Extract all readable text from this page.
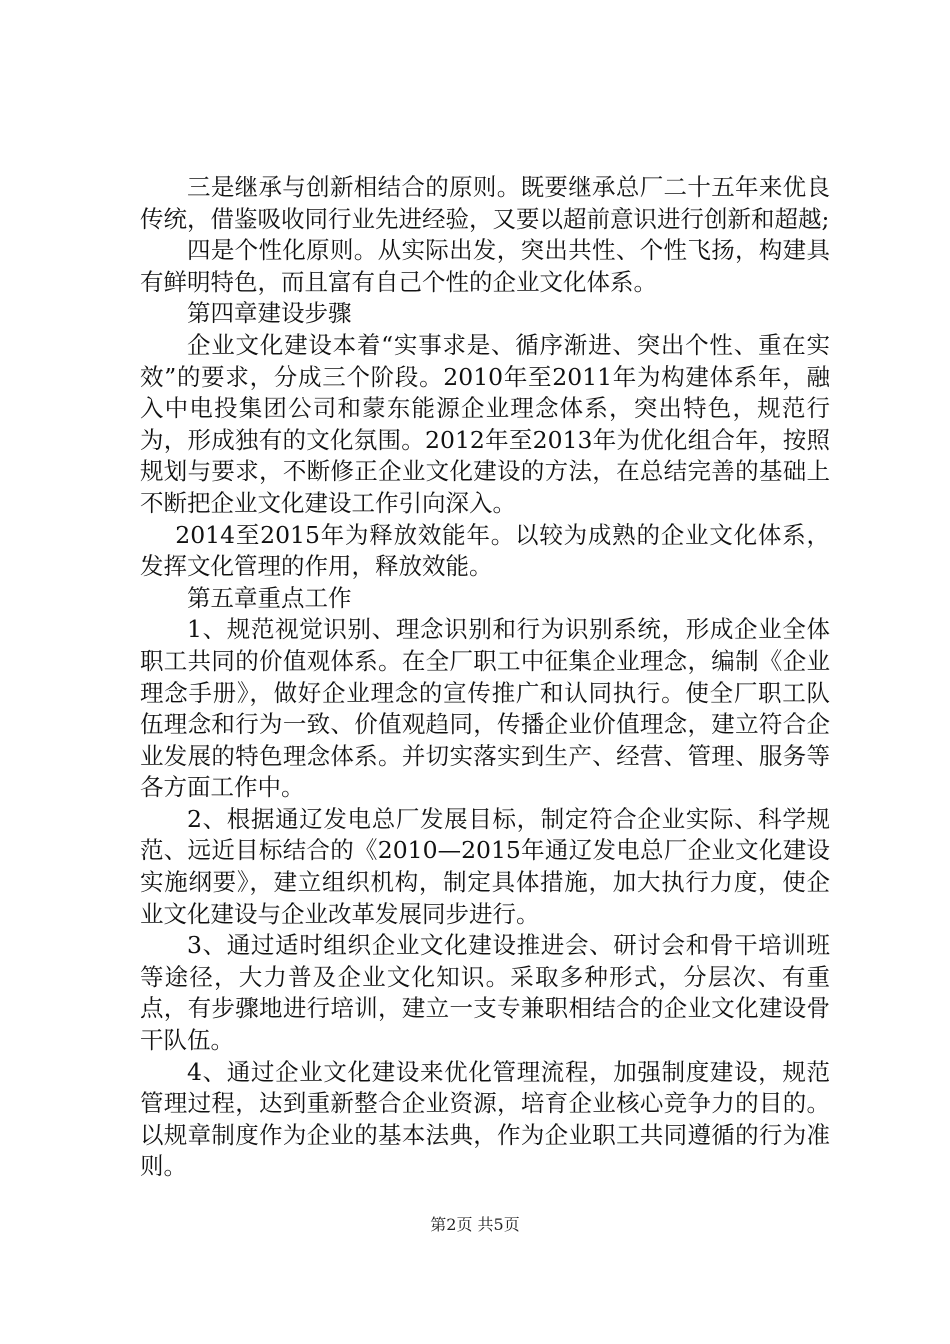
三是继承与创新相结合的原则。既要继承总厂二十五年来优良传统，借鉴吸收同行业先进经验，又要以超前意识进行创新和超越;

四是个性化原则。从实际出发，突出共性、个性飞扬，构建具有鲜明特色，而且富有自己个性的企业文化体系。

第四章建设步骤

企业文化建设本着“实事求是、循序渐进、突出个性、重在实效”的要求，分成三个阶段。2010年至2011年为构建体系年，融入中电投集团公司和蒙东能源企业理念体系，突出特色，规范行为，形成独有的文化氛围。2012年至2013年为优化组合年，按照规划与要求，不断修正企业文化建设的方法，在总结完善的基础上不断把企业文化建设工作引向深入。

2014至2015年为释放效能年。以较为成熟的企业文化体系，发挥文化管理的作用，释放效能。

第五章重点工作

1、规范视觉识别、理念识别和行为识别系统，形成企业全体职工共同的价值观体系。在全厂职工中征集企业理念，编制《企业理念手册》，做好企业理念的宣传推广和认同执行。使全厂职工队伍理念和行为一致、价值观趋同，传播企业价值理念，建立符合企业发展的特色理念体系。并切实落实到生产、经营、管理、服务等各方面工作中。

2、根据通辽发电总厂发展目标，制定符合企业实际、科学规范、远近目标结合的《2010—2015年通辽发电总厂企业文化建设实施纲要》，建立组织机构，制定具体措施，加大执行力度，使企业文化建设与企业改革发展同步进行。

3、通过适时组织企业文化建设推进会、研讨会和骨干培训班等途径，大力普及企业文化知识。采取多种形式，分层次、有重点，有步骤地进行培训，建立一支专兼职相结合的企业文化建设骨干队伍。

4、通过企业文化建设来优化管理流程，加强制度建设，规范管理过程，达到重新整合企业资源，培育企业核心竞争力的目的。以规章制度作为企业的基本法典，作为企业职工共同遵循的行为准则。

第2页 共5页
